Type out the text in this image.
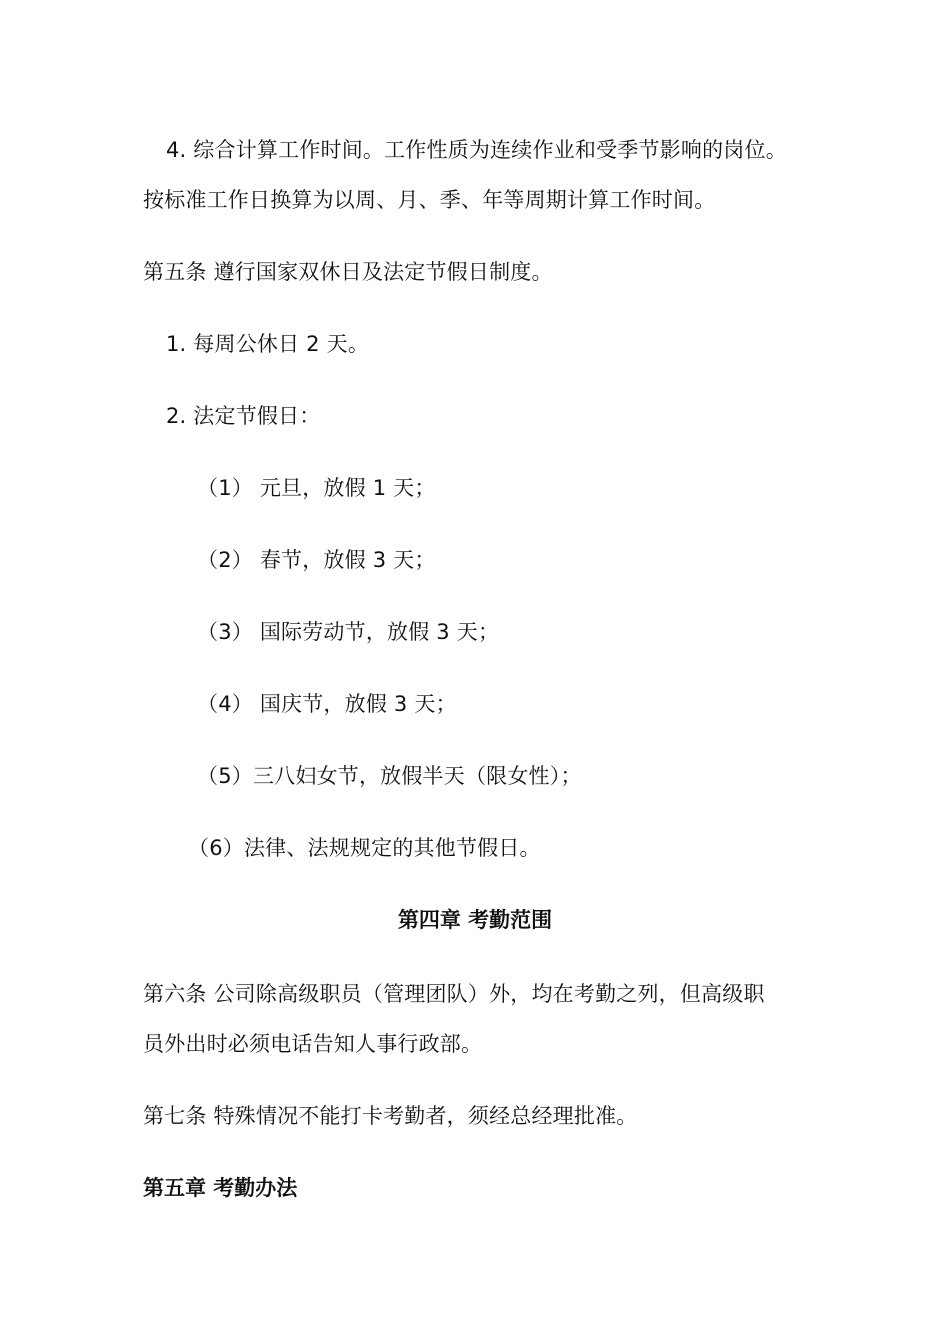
4. 综合计算工作时间。工作性质为连续作业和受季节影响的岗位。
按标准工作日换算为以周、月、季、年等周期计算工作时间。
第五条 遵行国家双休日及法定节假日制度。
1. 每周公休日 2 天。
2. 法定节假日：
（1） 元旦，放假 1 天；
（2） 春节，放假 3 天；
（3） 国际劳动节，放假 3 天；
（4） 国庆节，放假 3 天；
（5）三八妇女节，放假半天（限女性）；
（6）法律、法规规定的其他节假日。
第四章 考勤范围
第六条 公司除高级职员（管理团队）外，均在考勤之列，但高级职
员外出时必须电话告知人事行政部。
第七条 特殊情况不能打卡考勤者，须经总经理批准。
第五章 考勤办法
